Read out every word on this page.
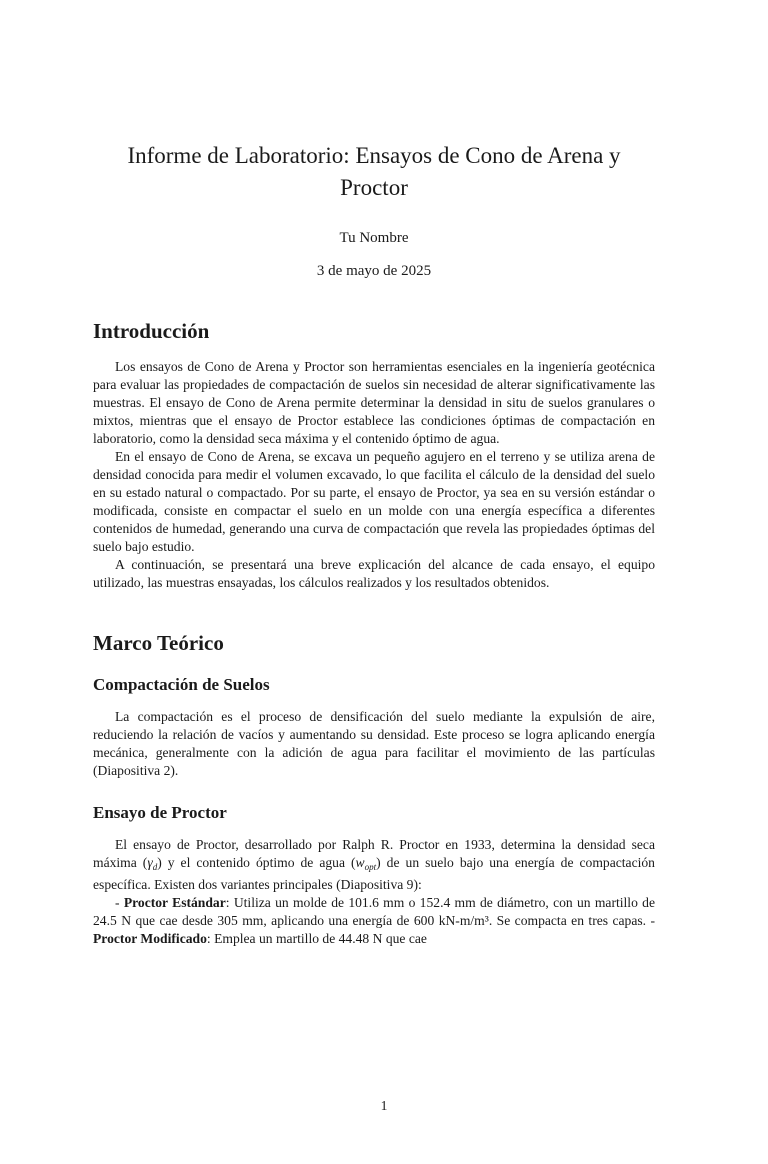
Informe de Laboratorio: Ensayos de Cono de Arena y Proctor
Tu Nombre
3 de mayo de 2025
Introducción

Los ensayos de Cono de Arena y Proctor son herramientas esenciales en la ingeniería geotécnica para evaluar las propiedades de compactación de suelos sin necesidad de alterar significativamente las muestras. El ensayo de Cono de Arena permite determinar la densidad in situ de suelos granulares o mixtos, mientras que el ensayo de Proctor establece las condiciones óptimas de compactación en laboratorio, como la densidad seca máxima y el contenido óptimo de agua.

En el ensayo de Cono de Arena, se excava un pequeño agujero en el terreno y se utiliza arena de densidad conocida para medir el volumen excavado, lo que facilita el cálculo de la densidad del suelo en su estado natural o compactado. Por su parte, el ensayo de Proctor, ya sea en su versión estándar o modificada, consiste en compactar el suelo en un molde con una energía específica a diferentes contenidos de humedad, generando una curva de compactación que revela las propiedades óptimas del suelo bajo estudio.

A continuación, se presentará una breve explicación del alcance de cada ensayo, el equipo utilizado, las muestras ensayadas, los cálculos realizados y los resultados obtenidos.

Marco Teórico
Compactación de Suelos

La compactación es el proceso de densificación del suelo mediante la expulsión de aire, reduciendo la relación de vacíos y aumentando su densidad. Este proceso se logra aplicando energía mecánica, generalmente con la adición de agua para facilitar el movimiento de las partículas (Diapositiva 2).

Ensayo de Proctor

El ensayo de Proctor, desarrollado por Ralph R. Proctor en 1933, determina la densidad seca máxima $(\gamma_d)$ y el contenido óptimo de agua $(w_{opt})$ de un suelo bajo una energía de compactación específica. Existen dos variantes principales (Diapositiva 9):

- Proctor Estándar: Utiliza un molde de 101.6 mm o 152.4 mm de diámetro, con un martillo de 24.5 N que cae desde 305 mm, aplicando una energía de 600 kN-m/m³. Se compacta en tres capas. - Proctor Modificado: Emplea un martillo de 44.48 N que cae

1
